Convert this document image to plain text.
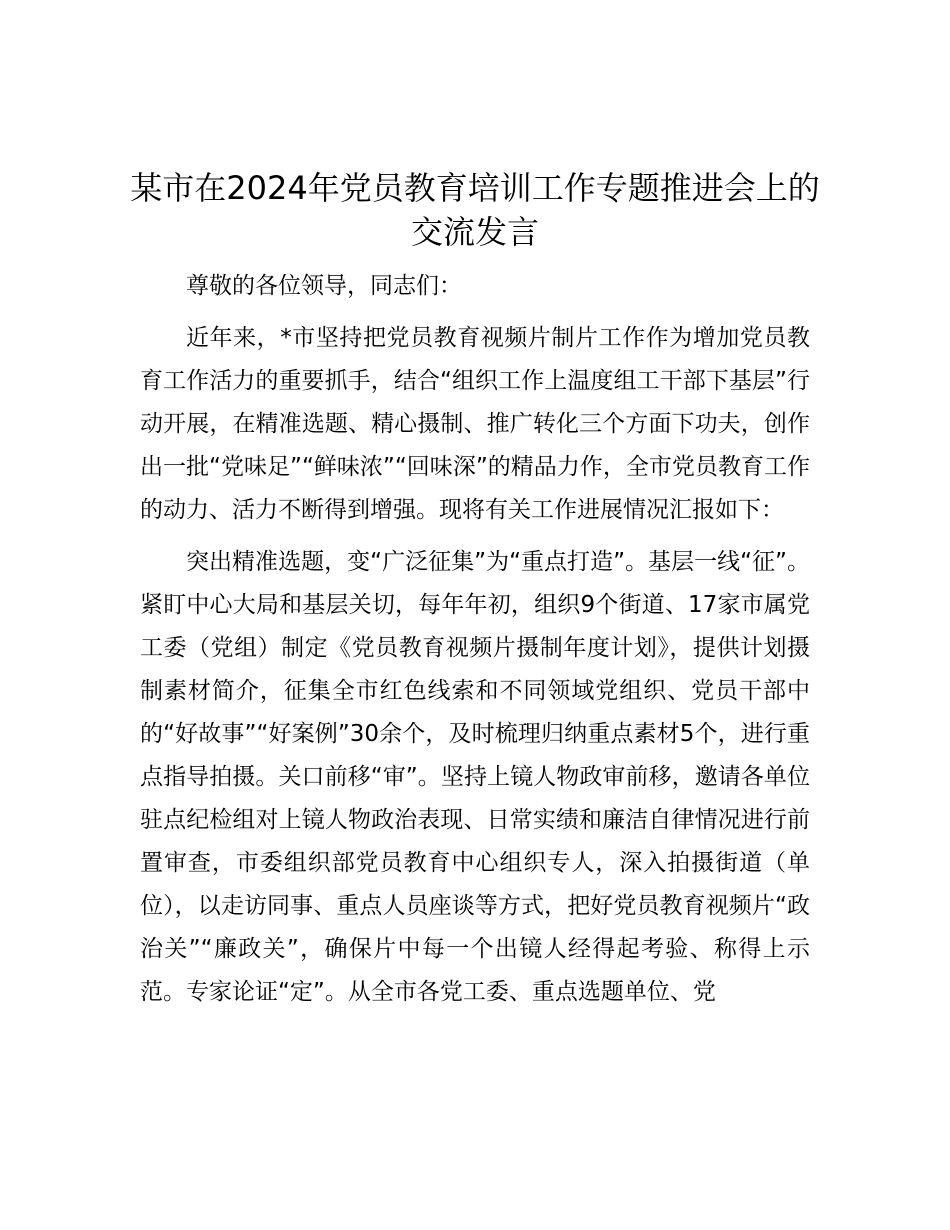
某市在2024年党员教育培训工作专题推进会上的交流发言

尊敬的各位领导，同志们：

近年来，*市坚持把党员教育视频片制片工作作为增加党员教育工作活力的重要抓手，结合“组织工作上温度组工干部下基层”行动开展，在精准选题、精心摄制、推广转化三个方面下功夫，创作出一批“党味足”“鲜味浓”“回味深”的精品力作，全市党员教育工作的动力、活力不断得到增强。现将有关工作进展情况汇报如下：

突出精准选题，变“广泛征集”为“重点打造”。基层一线“征”。紧盯中心大局和基层关切，每年年初，组织9个街道、17家市属党工委（党组）制定《党员教育视频片摄制年度计划》，提供计划摄制素材简介，征集全市红色线索和不同领域党组织、党员干部中的“好故事”“好案例”30余个，及时梳理归纳重点素材5个，进行重点指导拍摄。关口前移“审”。坚持上镜人物政审前移，邀请各单位驻点纪检组对上镜人物政治表现、日常实绩和廉洁自律情况进行前置审查，市委组织部党员教育中心组织专人，深入拍摄街道（单位），以走访同事、重点人员座谈等方式，把好党员教育视频片“政治关”“廉政关”，确保片中每一个出镜人经得起考验、称得上示范。专家论证“定”。从全市各党工委、重点选题单位、党
